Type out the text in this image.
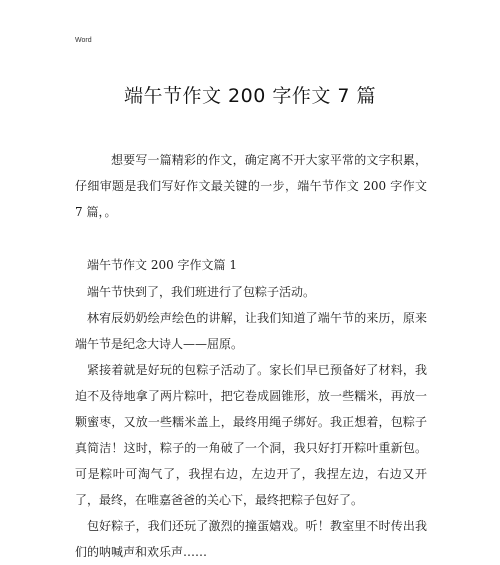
Word
端午节作文 200 字作文 7 篇
想要写一篇精彩的作文，确定离不开大家平常的文字积累，仔细审题是我们写好作文最关键的一步，端午节作文 200 字作文 7 篇，。
端午节作文 200 字作文篇 1
端午节快到了，我们班进行了包粽子活动。
林宥辰奶奶绘声绘色的讲解，让我们知道了端午节的来历，原来端午节是纪念大诗人——屈原。
紧接着就是好玩的包粽子活动了。家长们早已预备好了材料，我迫不及待地拿了两片粽叶，把它卷成圆锥形，放一些糯米，再放一颗蜜枣，又放一些糯米盖上，最终用绳子绑好。我正想着，包粽子真简洁！这时，粽子的一角破了一个洞，我只好打开粽叶重新包。可是粽叶可淘气了，我捏右边，左边开了，我捏左边，右边又开了，最终，在唯嘉爸爸的关心下，最终把粽子包好了。
包好粽子，我们还玩了激烈的撞蛋嬉戏。听！教室里不时传出我们的呐喊声和欢乐声……
